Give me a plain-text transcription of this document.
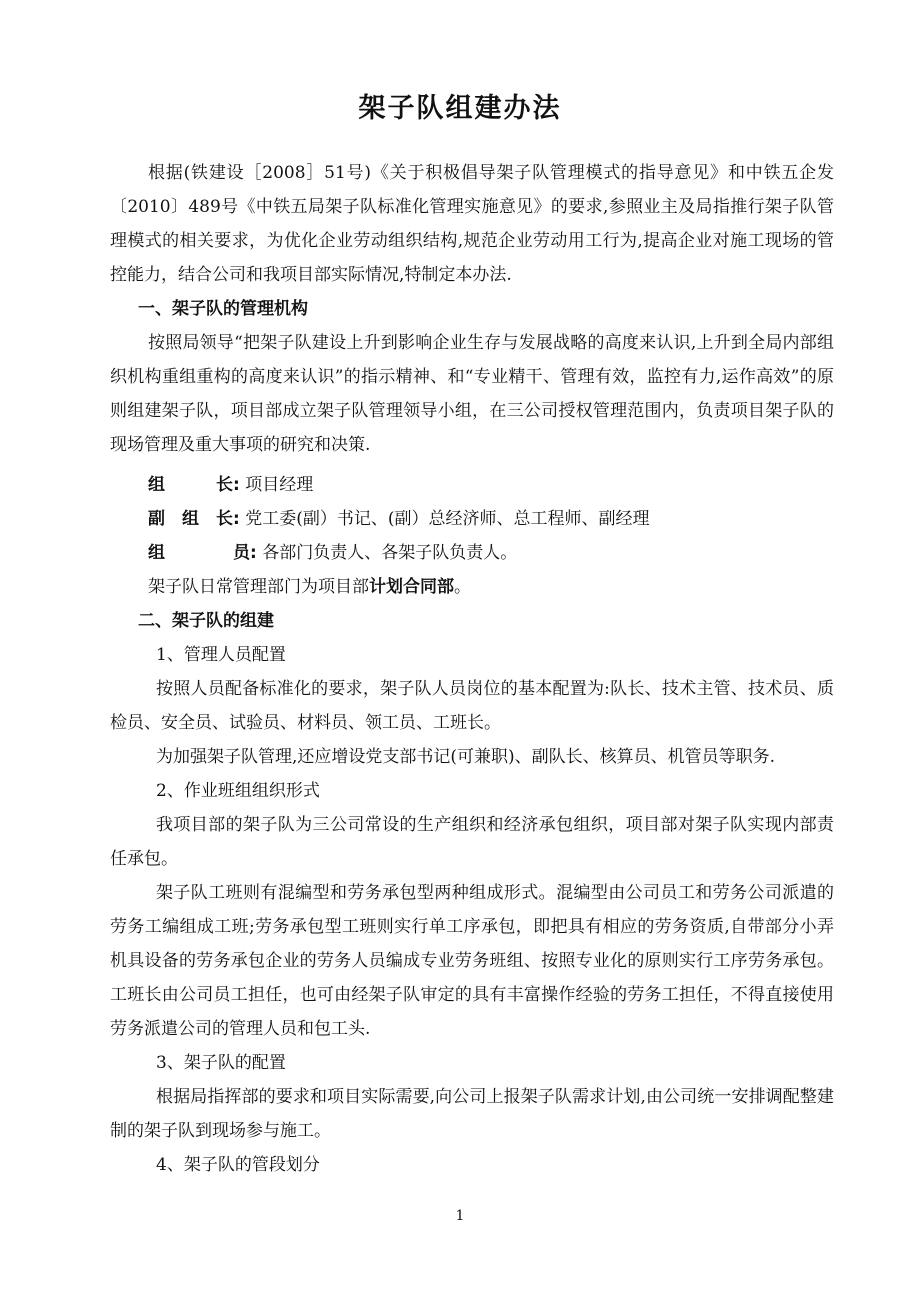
架子队组建办法

根据(铁建设［2008］51号)《关于积极倡导架子队管理模式的指导意见》和中铁五企发〔2010〕489号《中铁五局架子队标准化管理实施意见》的要求,参照业主及局指推行架子队管理模式的相关要求，为优化企业劳动组织结构,规范企业劳动用工行为,提高企业对施工现场的管控能力，结合公司和我项目部实际情况,特制定本办法.

一、架子队的管理机构

按照局领导“把架子队建设上升到影响企业生存与发展战略的高度来认识,上升到全局内部组织机构重组重构的高度来认识”的指示精神、和“专业精干、管理有效，监控有力,运作高效”的原则组建架子队，项目部成立架子队管理领导小组，在三公司授权管理范围内，负责项目架子队的现场管理及重大事项的研究和决策.

组　　　长: 项目经理

副　组　长: 党工委(副）书记、(副）总经济师、总工程师、副经理

组　　　　员: 各部门负责人、各架子队负责人。

架子队日常管理部门为项目部计划合同部。

二、架子队的组建

1、管理人员配置

按照人员配备标准化的要求，架子队人员岗位的基本配置为:队长、技术主管、技术员、质检员、安全员、试验员、材料员、领工员、工班长。

为加强架子队管理,还应增设党支部书记(可兼职)、副队长、核算员、机管员等职务.

2、作业班组组织形式

我项目部的架子队为三公司常设的生产组织和经济承包组织，项目部对架子队实现内部责任承包。

架子队工班则有混编型和劳务承包型两种组成形式。混编型由公司员工和劳务公司派遣的劳务工编组成工班;劳务承包型工班则实行单工序承包，即把具有相应的劳务资质,自带部分小弄机具设备的劳务承包企业的劳务人员编成专业劳务班组、按照专业化的原则实行工序劳务承包。工班长由公司员工担任，也可由经架子队审定的具有丰富操作经验的劳务工担任，不得直接使用劳务派遣公司的管理人员和包工头.

3、架子队的配置

根据局指挥部的要求和项目实际需要,向公司上报架子队需求计划,由公司统一安排调配整建制的架子队到现场参与施工。

4、架子队的管段划分

1
